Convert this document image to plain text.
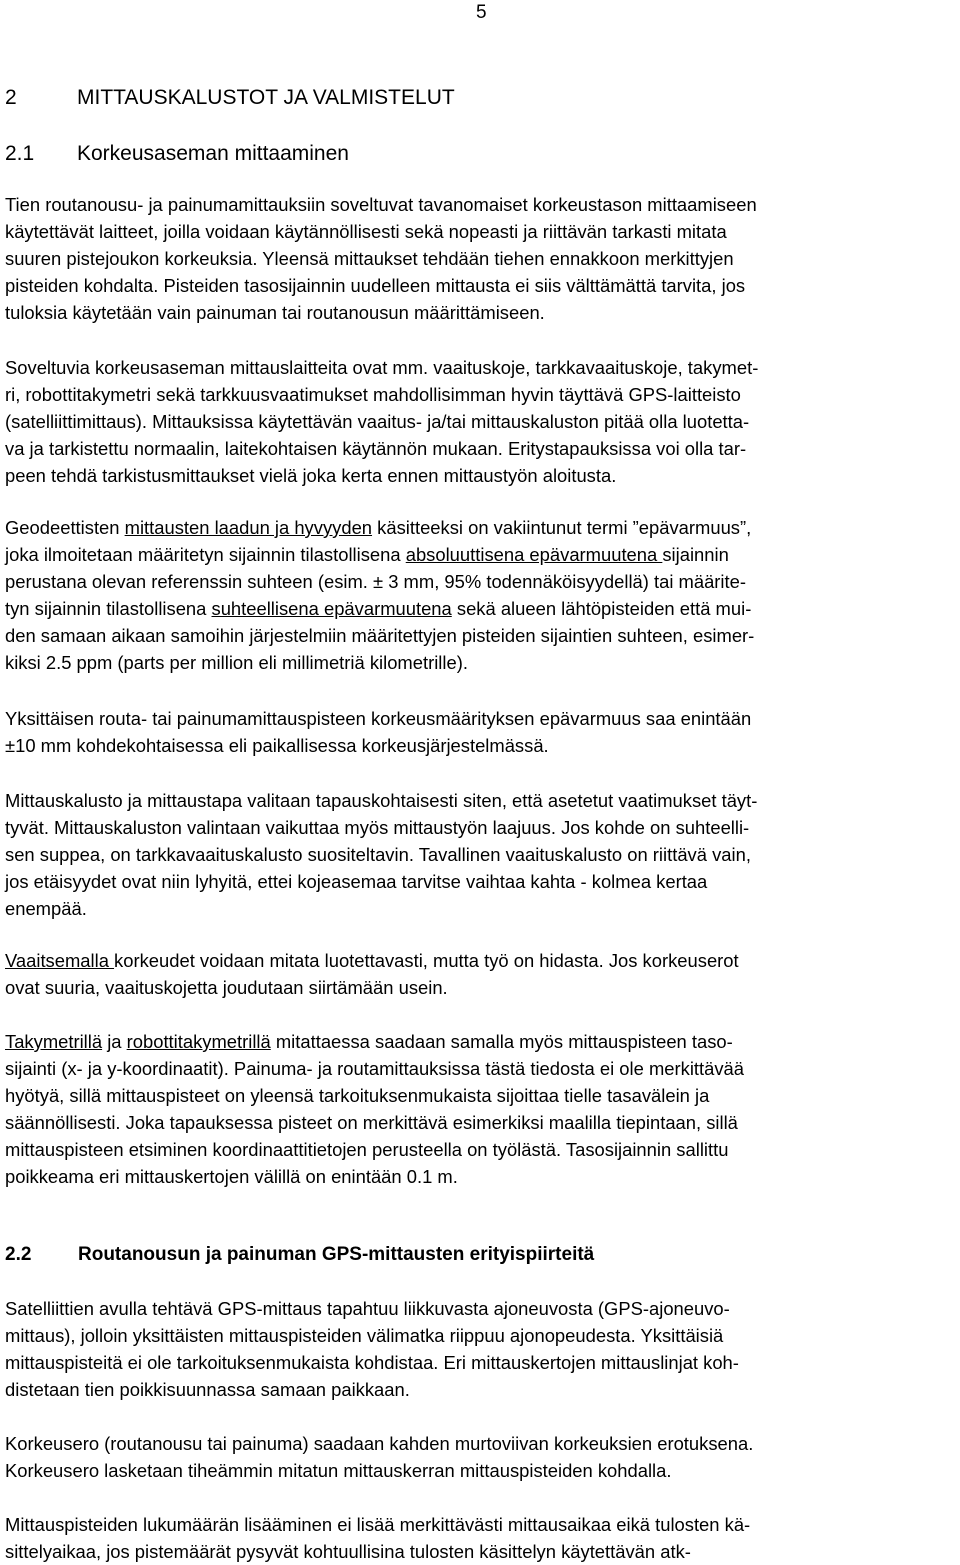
5
2	MITTAUSKALUSTOT JA VALMISTELUT
2.1 Korkeusaseman mittaaminen

Tien routanousu- ja painumamittauksiin soveltuvat tavanomaiset korkeustason mittaamiseen
käytettävät laitteet, joilla voidaan käytännöllisesti sekä nopeasti ja riittävän tarkasti mitata
suuren pistejoukon korkeuksia. Yleensä mittaukset tehdään tiehen ennakkoon merkittyjen
pisteiden kohdalta. Pisteiden tasosijainnin uudelleen mittausta ei siis välttämättä tarvita, jos
tuloksia käytetään vain painuman tai routanousun määrittämiseen.

Soveltuvia korkeusaseman mittauslaitteita ovat mm. vaaituskoje, tarkkavaaituskoje, takymet-
ri, robottitakymetri sekä tarkkuusvaatimukset mahdollisimman hyvin täyttävä GPS-laitteisto
(satelliittimittaus). Mittauksissa käytettävän vaaitus- ja/tai mittauskaluston pitää olla luotetta-
va ja tarkistettu normaalin, laitekohtaisen käytännön mukaan. Eritystapauksissa voi olla tar-
peen tehdä tarkistusmittaukset vielä joka kerta ennen mittaustyön aloitusta.

Geodeettisten mittausten laadun ja hyvyyden käsitteeksi on vakiintunut termi ”epävarmuus”,
joka ilmoitetaan määritetyn sijainnin tilastollisena absoluuttisena epävarmuutena sijainnin
perustana olevan referenssin suhteen (esim. ± 3 mm, 95% todennäköisyydellä) tai määrite-
tyn sijainnin tilastollisena suhteellisena epävarmuutena sekä alueen lähtöpisteiden että mui-
den samaan aikaan samoihin järjestelmiin määritettyjen pisteiden sijaintien suhteen, esimer-
kiksi 2.5 ppm (parts per million eli millimetriä kilometrille).

Yksittäisen routa- tai painumamittauspisteen korkeusmäärityksen epävarmuus saa enintään
±10 mm kohdekohtaisessa eli paikallisessa korkeusjärjestelmässä.

Mittauskalusto ja mittaustapa valitaan tapauskohtaisesti siten, että asetetut vaatimukset täyt-
tyvät. Mittauskaluston valintaan vaikuttaa myös mittaustyön laajuus. Jos kohde on suhteelli-
sen suppea, on tarkkavaaituskalusto suositeltavin. Tavallinen vaaituskalusto on riittävä vain,
jos etäisyydet ovat niin lyhyitä, ettei kojeasemaa tarvitse vaihtaa kahta - kolmea kertaa
enempää.

Vaaitsemalla korkeudet voidaan mitata luotettavasti, mutta työ on hidasta. Jos korkeuserot
ovat suuria, vaaituskojetta joudutaan siirtämään usein.

Takymetrillä ja robottitakymetrillä mitattaessa saadaan samalla myös mittauspisteen taso-
sijainti (x- ja y-koordinaatit). Painuma- ja routamittauksissa tästä tiedosta ei ole merkittävää
hyötyä, sillä mittauspisteet on yleensä tarkoituksenmukaista sijoittaa tielle tasavälein ja
säännöllisesti. Joka tapauksessa pisteet on merkittävä esimerkiksi maalilla tiepintaan, sillä
mittauspisteen etsiminen koordinaattitietojen perusteella on työlästä. Tasosijainnin sallittu
poikkeama eri mittauskertojen välillä on enintään 0.1 m.

2.2 Routanousun ja painuman GPS-mittausten erityispiirteitä

Satelliittien avulla tehtävä GPS-mittaus tapahtuu liikkuvasta ajoneuvosta (GPS-ajoneuvo-
mittaus), jolloin yksittäisten mittauspisteiden välimatka riippuu ajonopeudesta. Yksittäisiä
mittauspisteitä ei ole tarkoituksenmukaista kohdistaa. Eri mittauskertojen mittauslinjat koh-
distetaan tien poikkisuunnassa samaan paikkaan.

Korkeusero (routanousu tai painuma) saadaan kahden murtoviivan korkeuksien erotuksena.
Korkeusero lasketaan tiheämmin mitatun mittauskerran mittauspisteiden kohdalla.

Mittauspisteiden lukumäärän lisääminen ei lisää merkittävästi mittausaikaa eikä tulosten kä-
sittelyaikaa, jos pistemäärät pysyvät kohtuullisina tulosten käsittelyn käytettävän atk-
